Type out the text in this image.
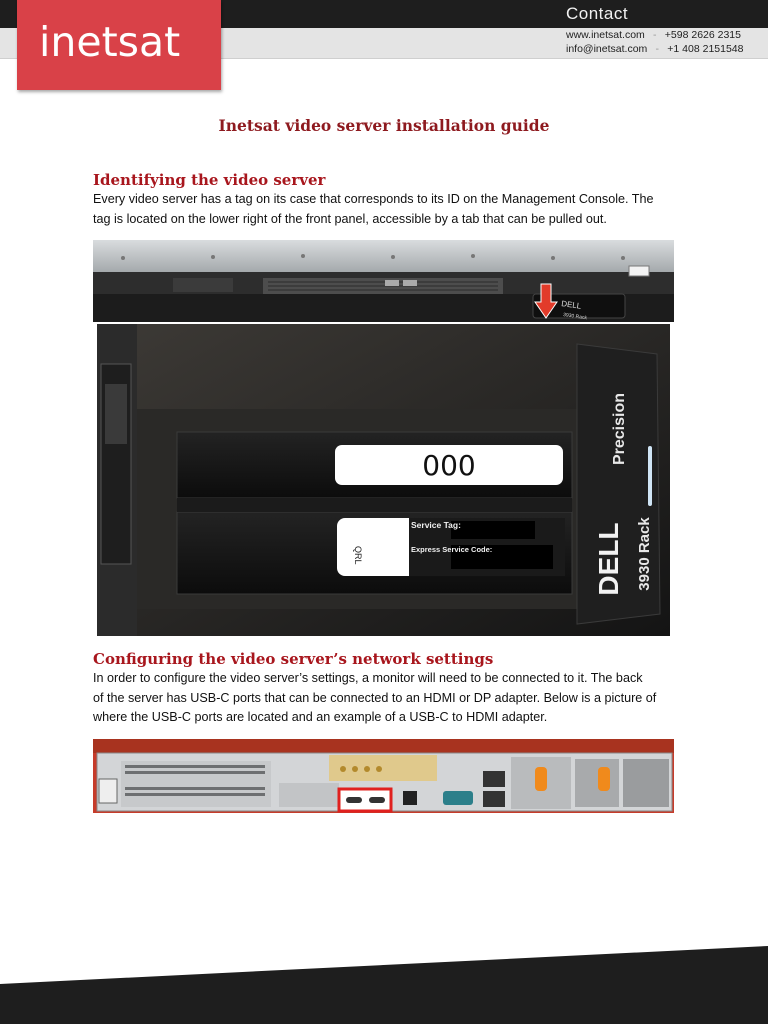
Contact
www.inetsat.com - +598 2626 2315
info@inetsat.com - +1 408 2151548
inetsat
Inetsat video server installation guide
Identifying the video server
Every video server has a tag on its case that corresponds to its ID on the Management Console. The
tag is located on the lower right of the front panel, accessible by a tab that can be pulled out.
DELL
3930 Rack
000
QRL
Service Tag:
Express Service Code:
Precision
DELL 3930 Rack
Configuring the video server’s network settings
In order to configure the video server’s settings, a monitor will need to be connected to it. The back
of the server has USB-C ports that can be connected to an HDMI or DP adapter. Below is a picture of
where the USB-C ports are located and an example of a USB-C to HDMI adapter.
